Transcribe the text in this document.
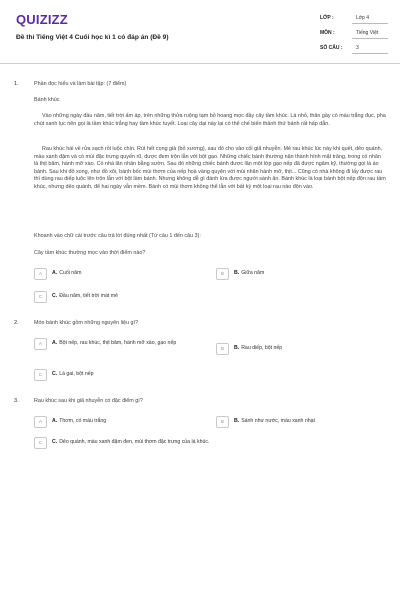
QUIZIZZ
Đề thi Tiếng Việt 4 Cuối học kì 1 có đáp án (Đề 9)
LỚP :	Lớp 4
MÔN :	Tiếng Việt
SỐ CÂU :	3
1.	Phần đọc hiểu và làm bài tập: (7 điểm)
Bánh khúc

Vào những ngày đầu năm, tiết trời ấm áp, trên những thửa ruộng tạm bỏ hoang mọc đầy cây tầm khúc. Lá nhỏ, thân gầy có màu trắng đục, pha chút xanh lục nên gọi là tầm khúc trắng hay tầm khúc tuyết. Loại cây dại này lại có thể chế biến thành thứ bánh rất hấp dẫn.

Rau khúc hái về rửa sạch rồi luộc chín. Rút hết cọng già (bỏ xương), sau đó cho vào cối giã nhuyễn. Mẻ rau khúc lúc này khi quết, dẻo quánh, màu xanh đậm và có mùi đặc trưng quyến rũ, được đem trộn lẫn với bột gạo. Những chiếc bánh thường nặn thành hình mặt trăng, trong có nhân là thịt băm, hành mỡ xào. Có nhà lăn nhân bằng sườn. Sau đó những chiếc bánh được lăn một lớp gạo nếp đã được ngâm kỹ, thường gọi là áo bánh. Sau khi đồ xong, như đồ xôi, bánh bốc mùi thơm của nếp hoà vàng quyện với mùi nhân hành mỡ, thịt... Cũng có nhà không đi lấy được rau thì dùng rau diếp luộc lên trộn lẫn với bột làm bánh. Nhưng không dễ gì đánh lừa được người sành ăn. Bánh khúc là loại bánh bột nếp độn rau tầm khúc, nhưng dẻo quánh, để hai ngày vẫn mềm. Bánh có mùi thơm không thể lẫn với bất kỳ một loại rau nào độn vào.

Khoanh vào chữ cái trước câu trả lời đúng nhất (Từ câu 1 đến câu 3):
Cây tầm khúc thường mọc vào thời điểm nào?
A	A. Cuối năm	B	B. Giữa năm
C	C. Đầu năm, tiết trời mát mẻ
2.	Món bánh khúc gồm những nguyên liệu gì?
A	A. Bột nếp, rau khúc, thịt băm, hành mỡ xào, gạo nếp
B	B. Rau diếp, bột nếp
C	C. Lá gai, bột nếp
3.	Rau khúc sau khi giã nhuyễn có đặc điểm gì?
A	A. Thơm, có màu trắng	B	B. Sánh như nước, màu xanh nhạt
C	C. Dẻo quánh, màu xanh đậm đen, mùi thơm đặc trưng của lá khúc.
